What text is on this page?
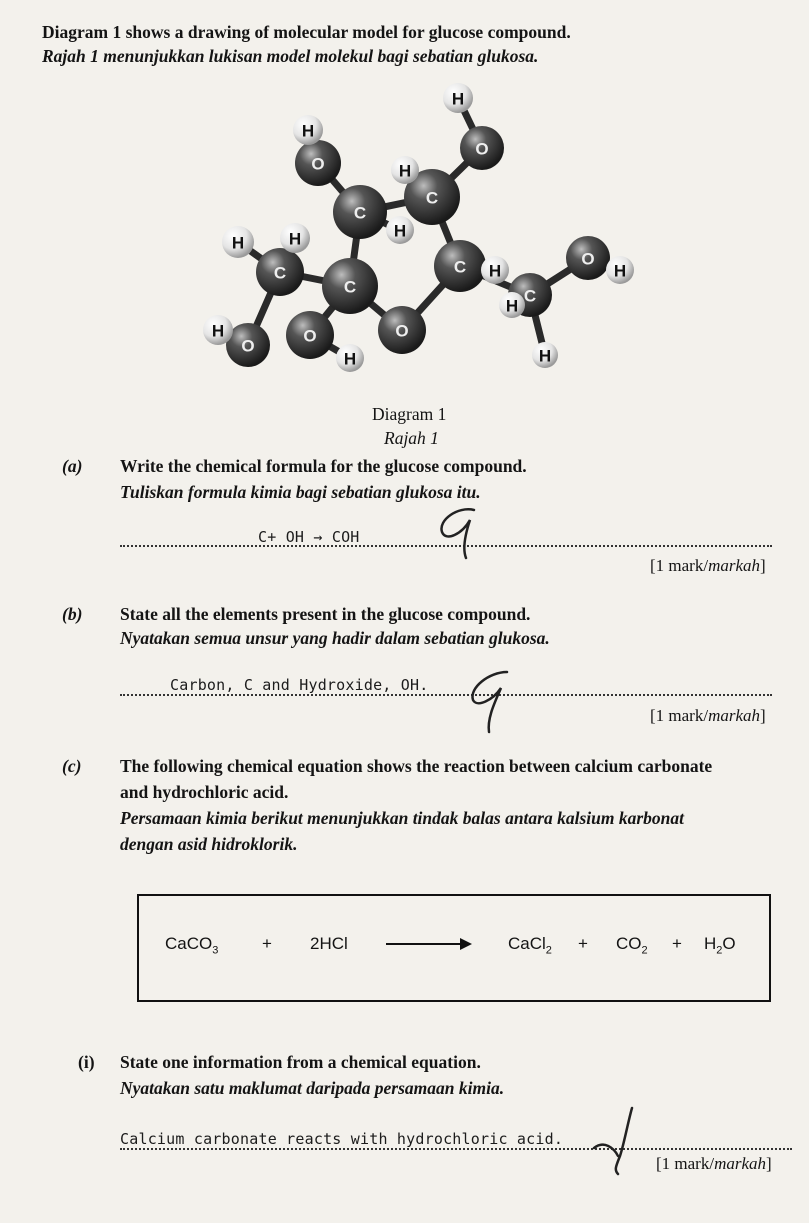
Diagram 1 shows a drawing of molecular model for glucose compound.
Rajah 1 menunjukkan lukisan model molekul bagi sebatian glukosa.
H
H
H
H
H	H
H
H
H
H
H
H
O
O
O
O
O
O
C
C
C
C
C
C
Diagram 1
Rajah 1
(a) Write the chemical formula for the glucose compound.
Tuliskan formula kimia bagi sebatian glukosa itu.
C+ OH → COH
[1 mark/markah]
(b) State all the elements present in the glucose compound.
Nyatakan semua unsur yang hadir dalam sebatian glukosa.
Carbon, C and Hydroxide, OH.
[1 mark/markah]
(c) The following chemical equation shows the reaction between calcium carbonate
and hydrochloric acid.
Persamaan kimia berikut menunjukkan tindak balas antara kalsium karbonat
dengan asid hidroklorik.
CaCO$_3$	+ 2HCl	CaCl$_2$ + $CO_2 + H_2O$
(i) State one information from a chemical equation.
Nyatakan satu maklumat daripada persamaan kimia.
Calcium carbonate reacts with hydrochloric acid.
[1 mark/markah]
